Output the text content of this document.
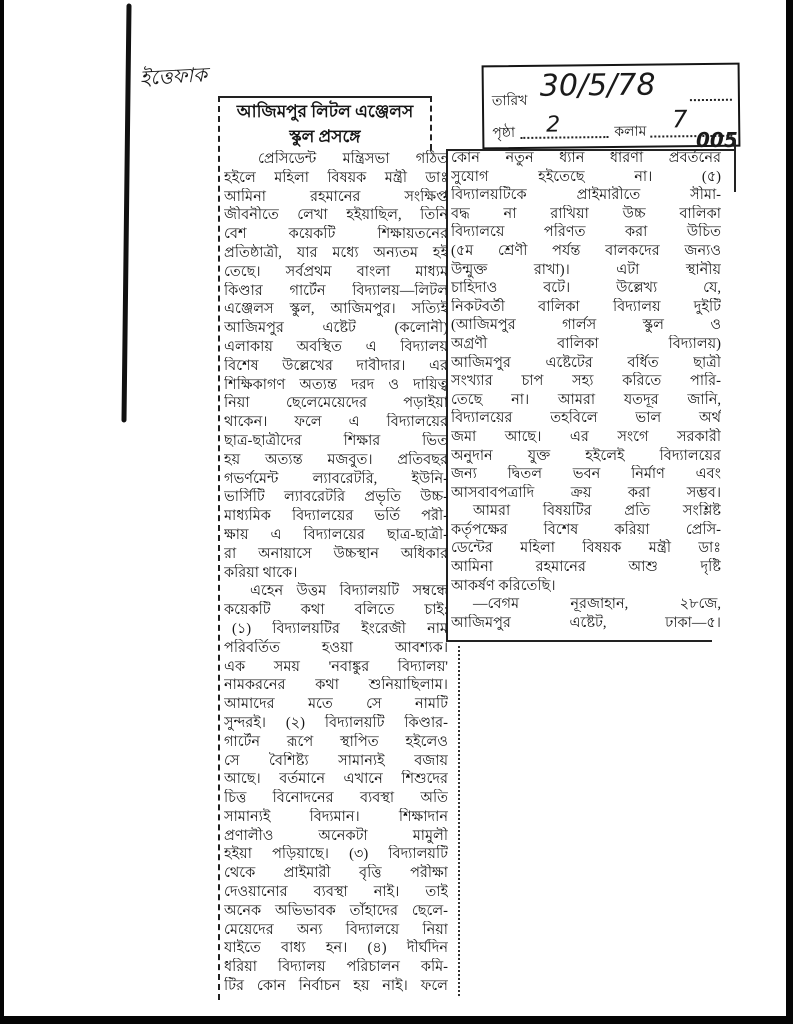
ইত্তেফাক
তারিখ 30/5/78
পৃষ্ঠা 2	কলাম 7
005
আজিমপুর লিটল এঞ্জেলস
স্কুল প্রসঙ্গে
প্রেসিডেন্ট মন্ত্রিসভা গঠিত
হইলে মহিলা বিষয়ক মন্ত্রী ডাঃ
আমিনা রহমানের সংক্ষিপ্ত
জীবনীতে লেখা হইয়াছিল, তিনি
বেশ কয়েকটি শিক্ষায়তনের
প্রতিষ্ঠাত্রী, যার মধ্যে অন্যতম হই
তেছে। সর্বপ্রথম বাংলা মাধ্যম
কিণ্ডার গার্টেন বিদ্যালয়—লিটল
এঞ্জেলস স্কুল, আজিমপুর। সত্যিই
আজিমপুর এষ্টেট (কলোনী)
এলাকায় অবস্থিত এ বিদ্যালয়
বিশেষ উল্লেখের দাবীদার। এর
শিক্ষিকাগণ অত্যন্ত দরদ ও দায়িত্ব
নিয়া ছেলেমেয়েদের পড়াইয়া
থাকেন। ফলে এ বিদ্যালয়ের
ছাত্র-ছাত্রীদের শিক্ষার ভিত
হয় অত্যন্ত মজবুত। প্রতিবছর
গভর্ণমেন্ট ল্যাবরেটরি, ইউনি-
ভার্সিটি ল্যাবরেটরি প্রভৃতি উচ্চ-
মাধ্যমিক বিদ্যালয়ের ভর্তি পরী-
ক্ষায় এ বিদ্যালয়ের ছাত্র-ছাত্রী-
রা অনায়াসে উচ্চস্থান অধিকার
করিয়া থাকে।
এহেন উত্তম বিদ্যালয়টি সম্বন্ধে
কয়েকটি কথা বলিতে চাই:
(১) বিদ্যালয়টির ইংরেজী নাম
পরিবর্তিত হওয়া আবশ্যক।
এক সময় 'নবাঙ্কুর বিদ্যালয়'
নামকরনের কথা শুনিয়াছিলাম।
আমাদের মতে সে নামটি
সুন্দরই। (২) বিদ্যালয়টি কিণ্ডার-
গার্টেন রূপে স্থাপিত হইলেও
সে বৈশিষ্ট্য সামান্যই বজায়
আছে। বর্তমানে এখানে শিশুদের
চিত্ত বিনোদনের ব্যবস্থা অতি
সামান্যই বিদ্যমান। শিক্ষাদান
প্রণালীও অনেকটা মামুলী
হইয়া পড়িয়াছে। (৩) বিদ্যালয়টি
থেকে প্রাইমারী বৃত্তি পরীক্ষা
দেওয়ানোর ব্যবস্থা নাই। তাই
অনেক অভিভাবক তাঁহাদের ছেলে-
মেয়েদের অন্য বিদ্যালয়ে নিয়া
যাইতে বাধ্য হন। (৪) দীর্ঘদিন
ধরিয়া বিদ্যালয় পরিচালন কমি-
টির কোন নির্বাচন হয় নাই। ফলে
কোন নতুন ধ্যান ধারণা প্রবর্তনের
সুযোগ হইতেছে না। (৫)
বিদ্যালয়টিকে প্রাইমারীতে সীমা-
বদ্ধ না রাখিয়া উচ্চ বালিকা
বিদ্যালয়ে পরিণত করা উচিত
(৫ম শ্রেণী পর্যন্ত বালকদের জন্যও
উন্মুক্ত রাখা)। এটা স্থানীয়
চাহিদাও বটে। উল্লেখ্য যে,
নিকটবর্তী বালিকা বিদ্যালয় দুইটি
(আজিমপুর গার্লস স্কুল ও
অগ্রণী বালিকা বিদ্যালয়)
আজিমপুর এষ্টেটের বর্ধিত ছাত্রী
সংখ্যার চাপ সহ্য করিতে পারি-
তেছে না। আমরা যতদূর জানি,
বিদ্যালয়ের তহবিলে ভাল অর্থ
জমা আছে। এর সংগে সরকারী
অনুদান যুক্ত হইলেই বিদ্যালয়ের
জন্য দ্বিতল ভবন নির্মাণ এবং
আসবাবপত্রাদি ক্রয় করা সম্ভব।
আমরা বিষয়টির প্রতি সংশ্লিষ্ট
কর্তৃপক্ষের বিশেষ করিয়া প্রেসি-
ডেন্টের মহিলা বিষয়ক মন্ত্রী ডাঃ
আমিনা রহমানের আশু দৃষ্টি
আকর্ষণ করিতেছি।
—বেগম নূরজাহান, ২৮জে,
আজিমপুর এষ্টেট, ঢাকা—৫।
